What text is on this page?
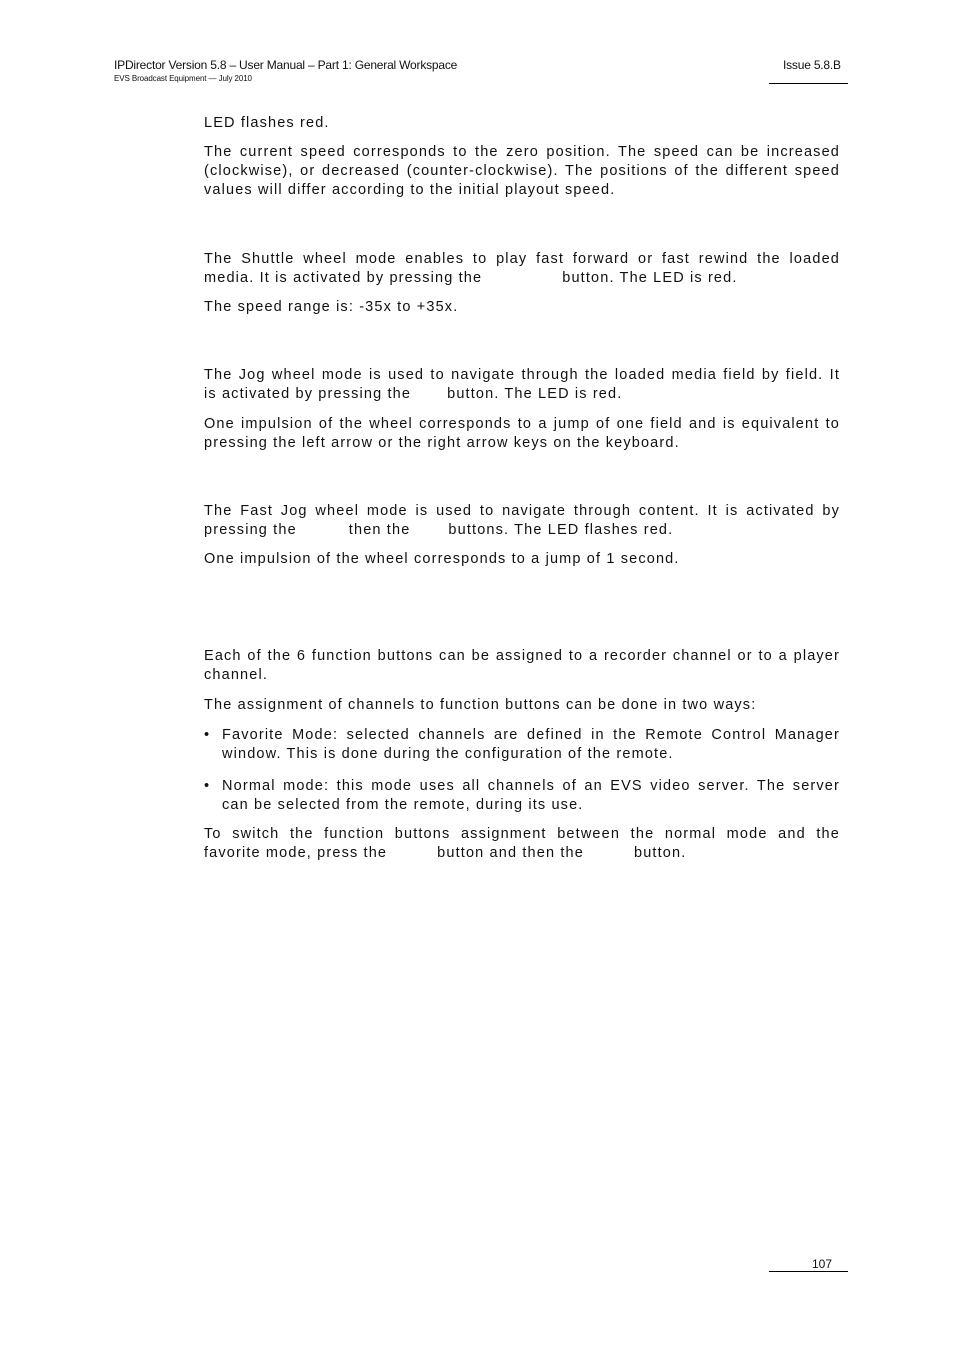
IPDirector Version 5.8 – User Manual – Part 1: General Workspace
EVS Broadcast Equipment — July 2010
Issue 5.8.B

LED flashes red.

The current speed corresponds to the zero position. The speed can be increased (clockwise), or decreased (counter-clockwise). The positions of the different speed values will differ according to the initial playout speed.

The Shuttle wheel mode enables to play fast forward or fast rewind the loaded media. It is activated by pressing the	button. The LED is red.

The speed range is: -35x to +35x.

The Jog wheel mode is used to navigate through the loaded media field by field. It is activated by pressing the button. The LED is red.

One impulsion of the wheel corresponds to a jump of one field and is equivalent to pressing the left arrow or the right arrow keys on the keyboard.

The Fast Jog wheel mode is used to navigate through content. It is activated by pressing the	then the	buttons. The LED flashes red.

One impulsion of the wheel corresponds to a jump of 1 second.

Each of the 6 function buttons can be assigned to a recorder channel or to a player channel.

The assignment of channels to function buttons can be done in two ways:

• Favorite Mode: selected channels are defined in the Remote Control Manager window. This is done during the configuration of the remote.
• Normal mode: this mode uses all channels of an EVS video server. The server can be selected from the remote, during its use.

To switch the function buttons assignment between the normal mode and the favorite mode, press the	button and then the	button.

107
